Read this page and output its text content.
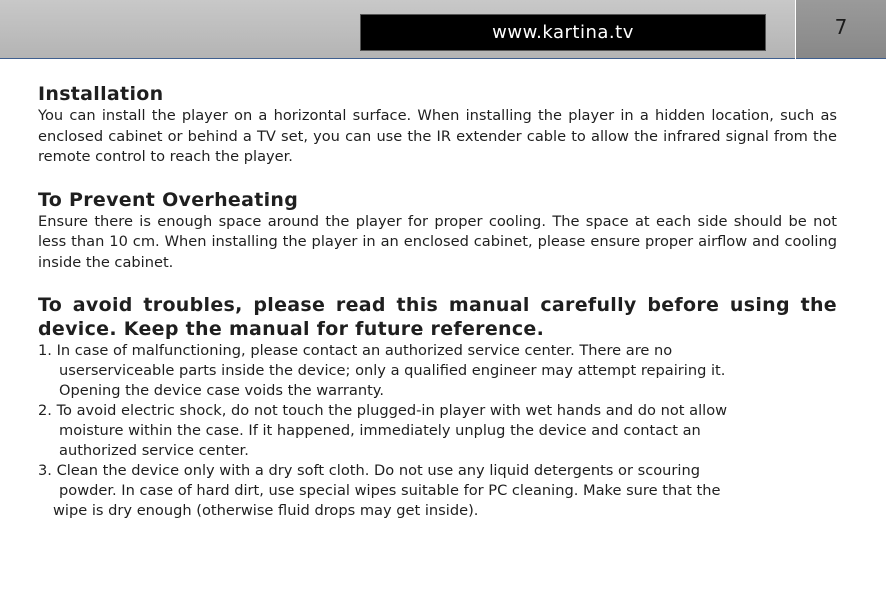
www.kartina.tv	7
Installation

You can install the player on a horizontal surface. When installing the player in a hidden location, such as enclosed cabinet or behind a TV set, you can use the IR extender cable to allow the infrared signal from the remote control to reach the player.

To Prevent Overheating

Ensure there is enough space around the player for proper cooling. The space at each side should be not less than 10 cm. When installing the player in an enclosed cabinet, please ensure proper airflow and cooling inside the cabinet.

To avoid troubles, please read this manual carefully before using the device. Keep the manual for future reference.
1. In case of malfunctioning, please contact an authorized service center. There are no
userserviceable parts inside the device; only a qualified engineer may attempt repairing it.
Opening the device case voids the warranty.
2. To avoid electric shock, do not touch the plugged-in player with wet hands and do not allow
moisture within the case. If it happened, immediately unplug the device and contact an
authorized service center.
3. Clean the device only with a dry soft cloth. Do not use any liquid detergents or scouring
powder. In case of hard dirt, use special wipes suitable for PC cleaning. Make sure that the
wipe is dry enough (otherwise fluid drops may get inside).
